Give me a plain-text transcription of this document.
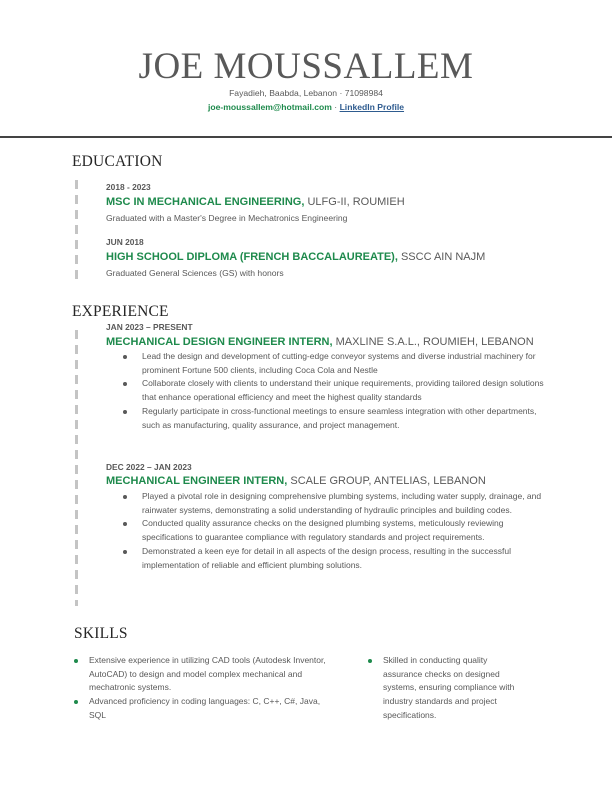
JOE MOUSSALLEM
Fayadieh, Baabda, Lebanon · 71098984
joe-moussallem@hotmail.com · LinkedIn Profile
EDUCATION
2018 - 2023
MSC IN MECHANICAL ENGINEERING, ULFG-II, ROUMIEH
Graduated with a Master's Degree in Mechatronics Engineering
JUN 2018
HIGH SCHOOL DIPLOMA (FRENCH BACCALAUREATE), SSCC AIN NAJM
Graduated General Sciences (GS) with honors
EXPERIENCE
JAN 2023 – PRESENT
MECHANICAL DESIGN ENGINEER INTERN, MAXLINE S.A.L., ROUMIEH, LEBANON
Lead the design and development of cutting-edge conveyor systems and diverse industrial machinery for prominent Fortune 500 clients, including Coca Cola and Nestle
Collaborate closely with clients to understand their unique requirements, providing tailored design solutions that enhance operational efficiency and meet the highest quality standards
Regularly participate in cross-functional meetings to ensure seamless integration with other departments, such as manufacturing, quality assurance, and project management.
DEC 2022 – JAN 2023
MECHANICAL ENGINEER INTERN, SCALE GROUP, ANTELIAS, LEBANON
Played a pivotal role in designing comprehensive plumbing systems, including water supply, drainage, and rainwater systems, demonstrating a solid understanding of hydraulic principles and building codes.
Conducted quality assurance checks on the designed plumbing systems, meticulously reviewing specifications to guarantee compliance with regulatory standards and project requirements.
Demonstrated a keen eye for detail in all aspects of the design process, resulting in the successful implementation of reliable and efficient plumbing solutions.
SKILLS
Extensive experience in utilizing CAD tools (Autodesk Inventor, AutoCAD) to design and model complex mechanical and mechatronic systems.
Advanced proficiency in coding languages: C, C++, C#, Java, SQL
Skilled in conducting quality assurance checks on designed systems, ensuring compliance with industry standards and project specifications.
